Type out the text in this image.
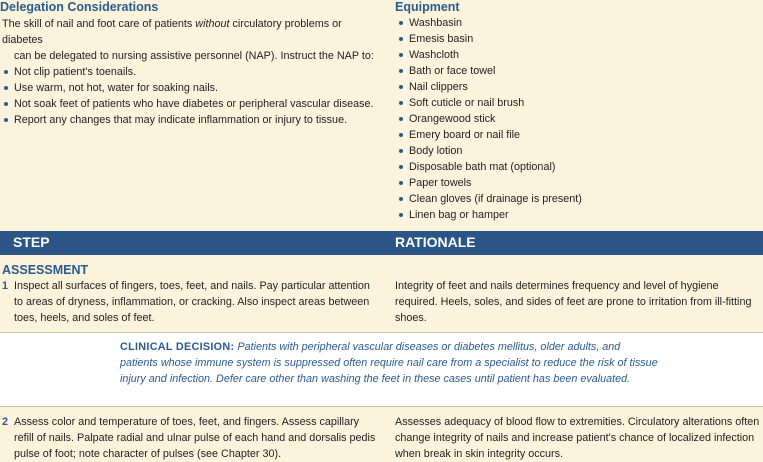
Delegation Considerations

The skill of nail and foot care of patients without circulatory problems or diabetes
can be delegated to nursing assistive personnel (NAP). Instruct the NAP to:

Not clip patient's toenails.
Use warm, not hot, water for soaking nails.
Not soak feet of patients who have diabetes or peripheral vascular disease.
Report any changes that may indicate inflammation or injury to tissue.
Equipment
Washbasin
Emesis basin
Washcloth
Bath or face towel
Nail clippers
Soft cuticle or nail brush
Orangewood stick
Emery board or nail file
Body lotion
Disposable bath mat (optional)
Paper towels
Clean gloves (if drainage is present)
Linen bag or hamper
STEP	RATIONALE
ASSESSMENT
1 Inspect all surfaces of fingers, toes, feet, and nails. Pay particular attention to areas of dryness, inflammation, or cracking. Also inspect areas between toes, heels, and soles of feet.
Integrity of feet and nails determines frequency and level of hygiene required. Heels, soles, and sides of feet are prone to irritation from ill-fitting shoes.
CLINICAL DECISION: Patients with peripheral vascular diseases or diabetes mellitus, older adults, and patients whose immune system is suppressed often require nail care from a specialist to reduce the risk of tissue injury and infection. Defer care other than washing the feet in these cases until patient has been evaluated.
2 Assess color and temperature of toes, feet, and fingers. Assess capillary refill of nails. Palpate radial and ulnar pulse of each hand and dorsalis pedis pulse of foot; note character of pulses (see Chapter 30).
Assesses adequacy of blood flow to extremities. Circulatory alterations often change integrity of nails and increase patient's chance of localized infection when break in skin integrity occurs.
